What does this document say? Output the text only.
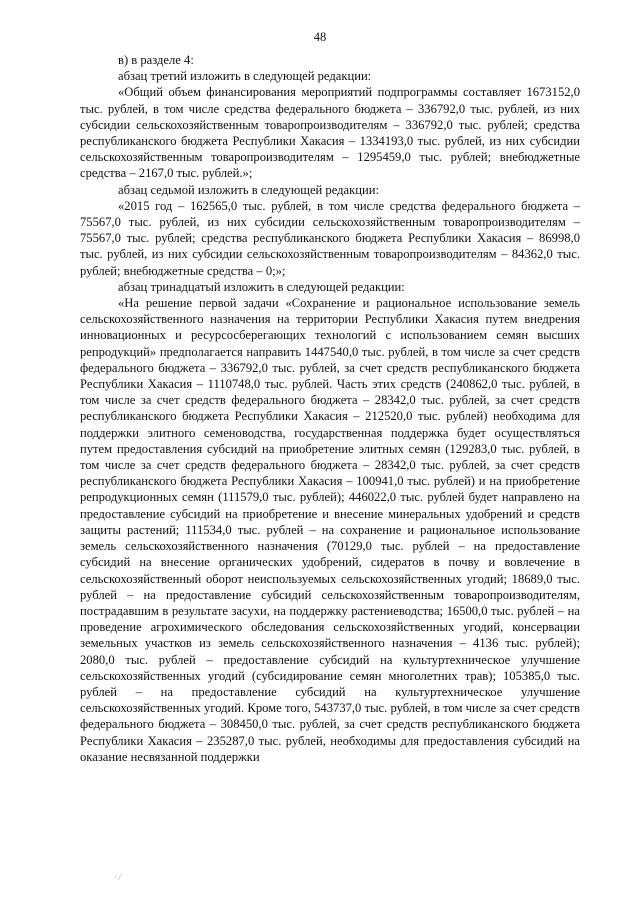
48

в) в разделе 4:

абзац третий изложить в следующей редакции:

«Общий объем финансирования мероприятий подпрограммы составляет 1673152,0 тыс. рублей, в том числе средства федерального бюджета – 336792,0 тыс. рублей, из них субсидии сельскохозяйственным товаропроизводителям – 336792,0 тыс. рублей; средства республиканского бюджета Республики Хакасия – 1334193,0 тыс. рублей, из них субсидии сельскохозяйственным товаропроизводителям – 1295459,0 тыс. рублей; внебюджетные средства – 2167,0 тыс. рублей.»;

абзац седьмой изложить в следующей редакции:

«2015 год – 162565,0 тыс. рублей, в том числе средства федерального бюджета – 75567,0 тыс. рублей, из них субсидии сельскохозяйственным товаропроизводителям – 75567,0 тыс. рублей; средства республиканского бюджета Республики Хакасия – 86998,0 тыс. рублей, из них субсидии сельскохозяйственным товаропроизводителям – 84362,0 тыс. рублей; внебюджетные средства – 0;»;

абзац тринадцатый изложить в следующей редакции:

«На решение первой задачи «Сохранение и рациональное использование земель сельскохозяйственного назначения на территории Республики Хакасия путем внедрения инновационных и ресурсосберегающих технологий с использованием семян высших репродукций» предполагается направить 1447540,0 тыс. рублей, в том числе за счет средств федерального бюджета – 336792,0 тыс. рублей, за счет средств республиканского бюджета Республики Хакасия – 1110748,0 тыс. рублей. Часть этих средств (240862,0 тыс. рублей, в том числе за счет средств федерального бюджета – 28342,0 тыс. рублей, за счет средств республиканского бюджета Республики Хакасия – 212520,0 тыс. рублей) необходима для поддержки элитного семеноводства, государственная поддержка будет осуществляться путем предоставления субсидий на приобретение элитных семян (129283,0 тыс. рублей, в том числе за счет средств федерального бюджета – 28342,0 тыс. рублей, за счет средств республиканского бюджета Республики Хакасия – 100941,0 тыс. рублей) и на приобретение репродукционных семян (111579,0 тыс. рублей); 446022,0 тыс. рублей будет направлено на предоставление субсидий на приобретение и внесение минеральных удобрений и средств защиты растений; 111534,0 тыс. рублей – на сохранение и рациональное использование земель сельскохозяйственного назначения (70129,0 тыс. рублей – на предоставление субсидий на внесение органических удобрений, сидератов в почву и вовлечение в сельскохозяйственный оборот неиспользуемых сельскохозяйственных угодий; 18689,0 тыс. рублей – на предоставление субсидий сельскохозяйственным товаропроизводителям, пострадавшим в результате засухи, на поддержку растениеводства; 16500,0 тыс. рублей – на проведение агрохимического обследования сельскохозяйственных угодий, консервации земельных участков из земель сельскохозяйственного назначения – 4136 тыс. рублей); 2080,0 тыс. рублей – предоставление субсидий на культуртехническое улучшение сельскохозяйственных угодий (субсидирование семян многолетних трав); 105385,0 тыс. рублей – на предоставление субсидий на культуртехническое улучшение сельскохозяйственных угодий. Кроме того, 543737,0 тыс. рублей, в том числе за счет средств федерального бюджета – 308450,0 тыс. рублей, за счет средств республиканского бюджета Республики Хакасия – 235287,0 тыс. рублей, необходимы для предоставления субсидий на оказание несвязанной поддержки

· ⁄
